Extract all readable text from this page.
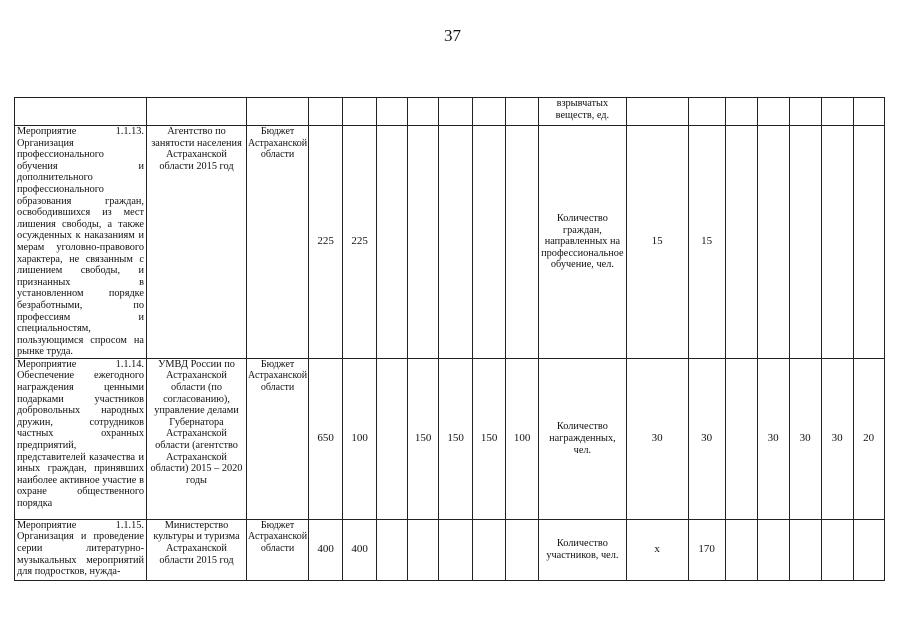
37
										взрывчатых веществ, ед.							
Мероприятие 1.1.13. Организация профессионального обучения и дополнительного профессионального образования граждан, освободившихся из мест лишения свободы, а также осужденных к наказаниям и мерам уголовно-правового характера, не связанным с лишением свободы, и признанных в установленном порядке безработными, по профессиям и специальностям, пользующимся спросом на рынке труда.	Агентство по занятости населения Астраханской области 2015 год	Бюджет Астраханской области	225	225						Количество граждан, направленных на профессиональное обучение, чел.	15	15					
Мероприятие 1.1.14. Обеспечение ежегодного награждения ценными подарками участников добровольных народных дружин, сотрудников частных охранных предприятий, представителей казачества и иных граждан, принявших наиболее активное участие в охране общественного порядка	УМВД России по Астраханской области (по согласованию), управление делами Губернатора Астраханской области (агентство Астраханской области) 2015 – 2020 годы	Бюджет Астраханской области	650	100		150	150	150	100	Количество награжденных, чел.	30	30		30	30	30	20
Мероприятие 1.1.15. Организация и проведение серии литературно-музыкальных мероприятий для подростков, нужда-	Министерство культуры и туризма Астраханской области 2015 год	Бюджет Астраханской области	400	400						Количество участников, чел.	х	170					
